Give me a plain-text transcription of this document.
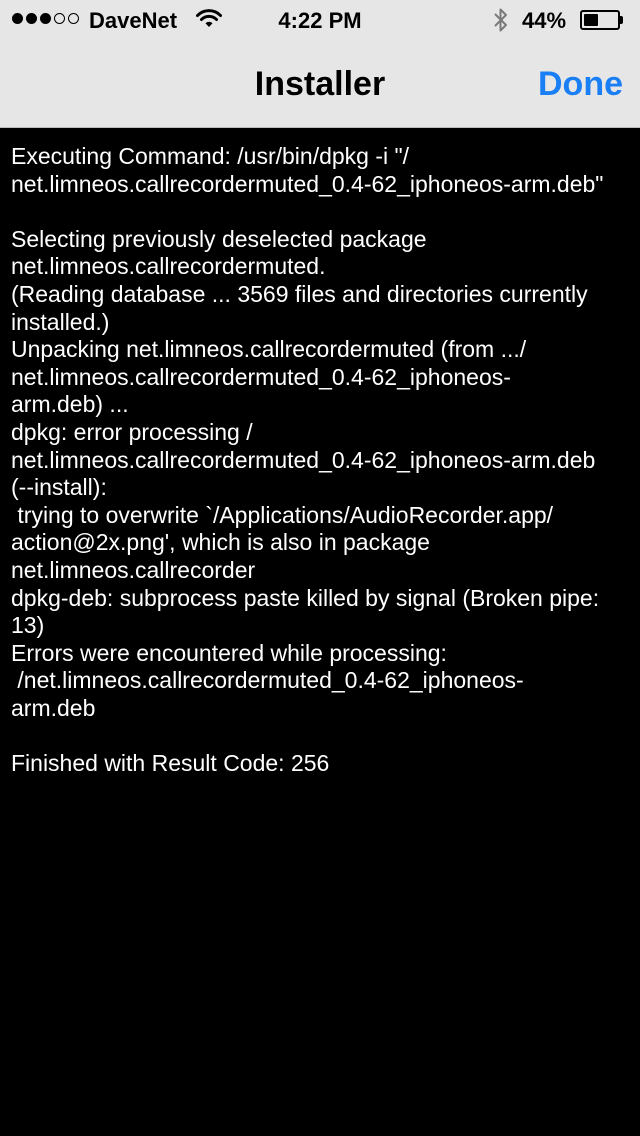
DaveNet	4:22 PM	44%
Installer	Done
Executing Command: /usr/bin/dpkg -i "/
net.limneos.callrecordermuted_0.4-62_iphoneos-arm.deb"
Selecting previously deselected package
net.limneos.callrecordermuted.
(Reading database ... 3569 files and directories currently
installed.)
Unpacking net.limneos.callrecordermuted (from .../
net.limneos.callrecordermuted_0.4-62_iphoneos-
arm.deb) ...
dpkg: error processing /
net.limneos.callrecordermuted_0.4-62_iphoneos-arm.deb
(--install):
trying to overwrite `/Applications/AudioRecorder.app/
action@2x.png', which is also in package
net.limneos.callrecorder
dpkg-deb: subprocess paste killed by signal (Broken pipe:
13)
Errors were encountered while processing:
/net.limneos.callrecordermuted_0.4-62_iphoneos-
arm.deb
Finished with Result Code: 256
